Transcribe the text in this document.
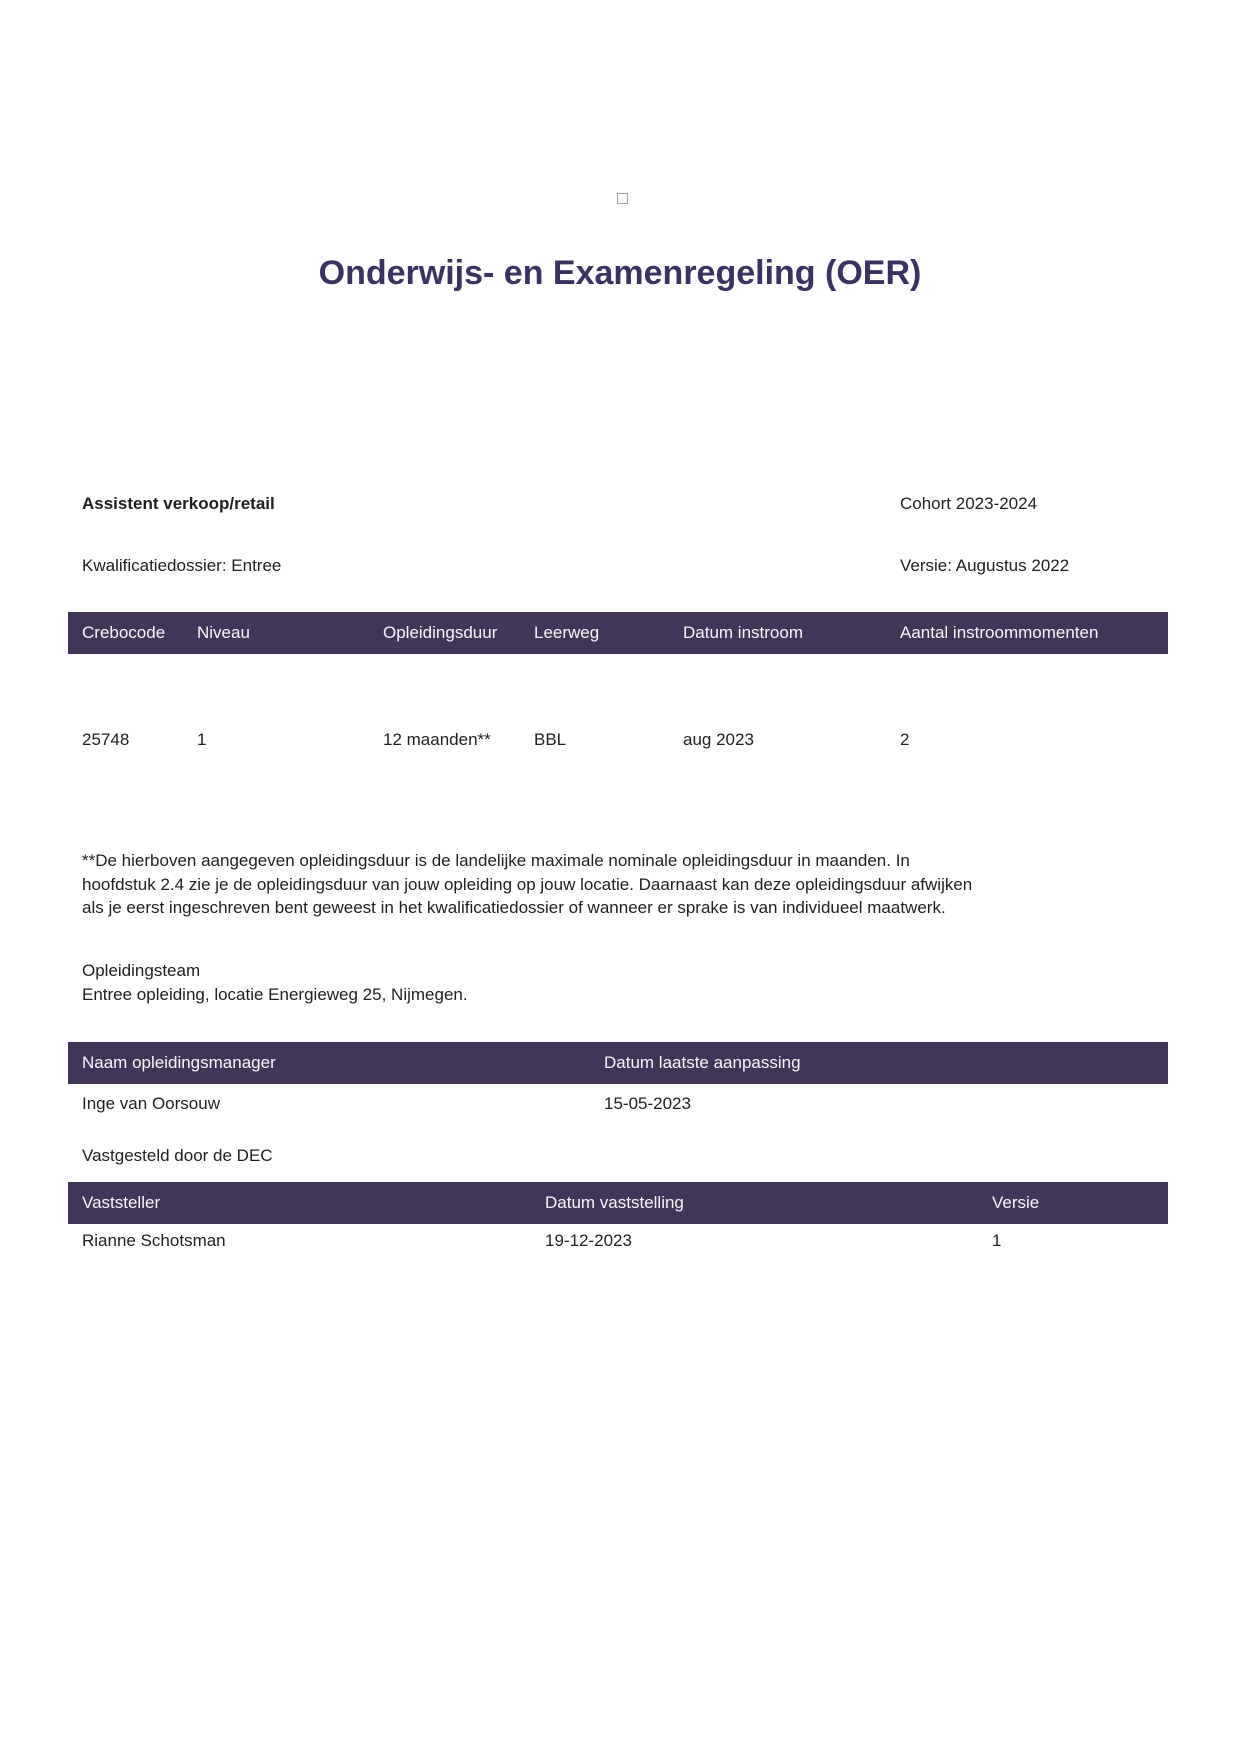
Onderwijs- en Examenregeling (OER)
Assistent verkoop/retail	Cohort 2023-2024
Kwalificatiedossier: Entree	Versie: Augustus 2022
Crebocode	Niveau	Opleidingsduur	Leerweg	Datum instroom	Aantal instroommomenten
25748	1	12 maanden**	BBL	aug 2023	2
**De hierboven aangegeven opleidingsduur is de landelijke maximale nominale opleidingsduur in maanden. In
hoofdstuk 2.4 zie je de opleidingsduur van jouw opleiding op jouw locatie. Daarnaast kan deze opleidingsduur afwijken
als je eerst ingeschreven bent geweest in het kwalificatiedossier of wanneer er sprake is van individueel maatwerk.
Opleidingsteam
Entree opleiding, locatie Energieweg 25, Nijmegen.
Naam opleidingsmanager	Datum laatste aanpassing
Inge van Oorsouw	15-05-2023
Vastgesteld door de DEC
Vaststeller	Datum vaststelling	Versie
Rianne Schotsman	19-12-2023	1
